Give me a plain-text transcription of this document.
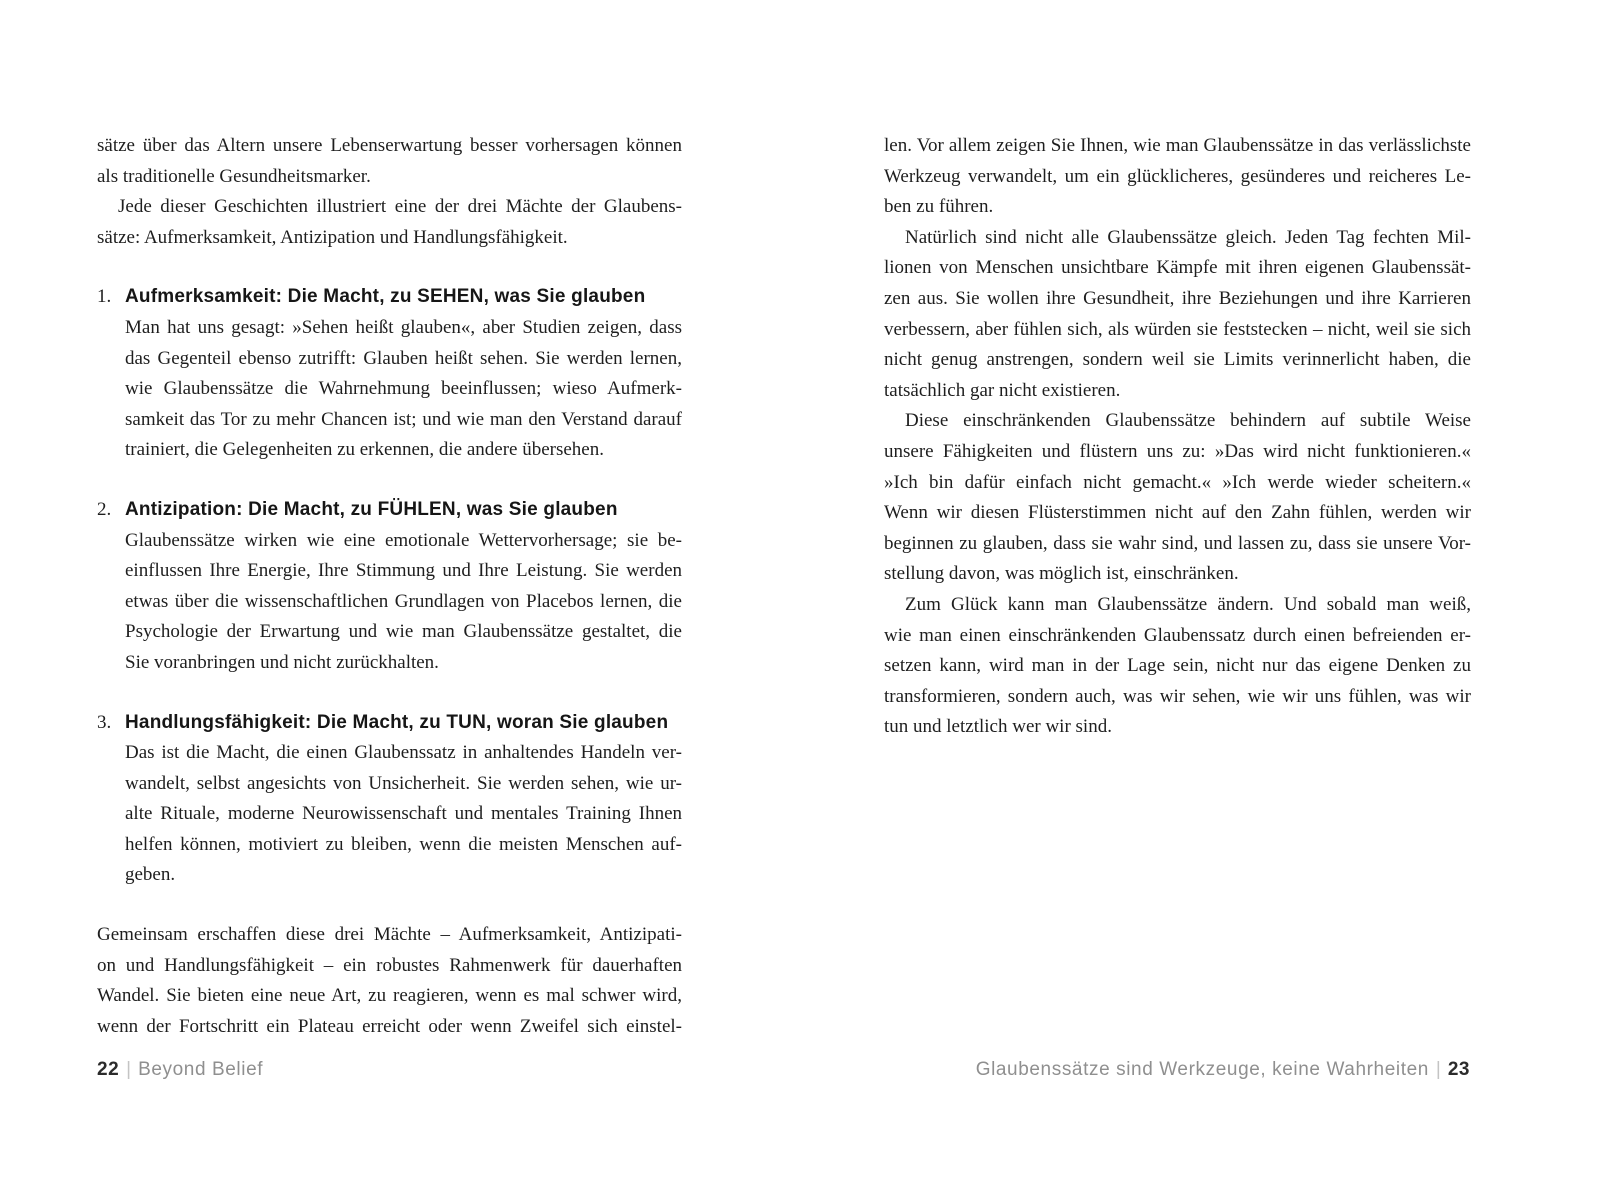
sätze über das Altern unsere Lebenserwartung besser vorhersagen können
als traditionelle Gesundheitsmarker.
Jede dieser Geschichten illustriert eine der drei Mächte der Glaubens-
sätze: Aufmerksamkeit, Antizipation und Handlungsfähigkeit.
1. Aufmerksamkeit: Die Macht, zu SEHEN, was Sie glauben
Man hat uns gesagt: »Sehen heißt glauben«, aber Studien zeigen, dass
das Gegenteil ebenso zutrifft: Glauben heißt sehen. Sie werden lernen,
wie Glaubenssätze die Wahrnehmung beeinflussen; wieso Aufmerk-
samkeit das Tor zu mehr Chancen ist; und wie man den Verstand darauf
trainiert, die Gelegenheiten zu erkennen, die andere übersehen.
2. Antizipation: Die Macht, zu FÜHLEN, was Sie glauben
Glaubenssätze wirken wie eine emotionale Wettervorhersage; sie be-
einflussen Ihre Energie, Ihre Stimmung und Ihre Leistung. Sie werden
etwas über die wissenschaftlichen Grundlagen von Placebos lernen, die
Psychologie der Erwartung und wie man Glaubenssätze gestaltet, die
Sie voranbringen und nicht zurückhalten.
3. Handlungsfähigkeit: Die Macht, zu TUN, woran Sie glauben
Das ist die Macht, die einen Glaubenssatz in anhaltendes Handeln ver-
wandelt, selbst angesichts von Unsicherheit. Sie werden sehen, wie ur-
alte Rituale, moderne Neurowissenschaft und mentales Training Ihnen
helfen können, motiviert zu bleiben, wenn die meisten Menschen auf-
geben.
Gemeinsam erschaffen diese drei Mächte – Aufmerksamkeit, Antizipati-
on und Handlungsfähigkeit – ein robustes Rahmenwerk für dauerhaften
Wandel. Sie bieten eine neue Art, zu reagieren, wenn es mal schwer wird,
wenn der Fortschritt ein Plateau erreicht oder wenn Zweifel sich einstel-
len. Vor allem zeigen Sie Ihnen, wie man Glaubenssätze in das verlässlichste
Werkzeug verwandelt, um ein glücklicheres, gesünderes und reicheres Le-
ben zu führen.
Natürlich sind nicht alle Glaubenssätze gleich. Jeden Tag fechten Mil-
lionen von Menschen unsichtbare Kämpfe mit ihren eigenen Glaubenssät-
zen aus. Sie wollen ihre Gesundheit, ihre Beziehungen und ihre Karrieren
verbessern, aber fühlen sich, als würden sie feststecken – nicht, weil sie sich
nicht genug anstrengen, sondern weil sie Limits verinnerlicht haben, die
tatsächlich gar nicht existieren.
Diese einschränkenden Glaubenssätze behindern auf subtile Weise
unsere Fähigkeiten und flüstern uns zu: »Das wird nicht funktionieren.«
»Ich bin dafür einfach nicht gemacht.« »Ich werde wieder scheitern.«
Wenn wir diesen Flüsterstimmen nicht auf den Zahn fühlen, werden wir
beginnen zu glauben, dass sie wahr sind, und lassen zu, dass sie unsere Vor-
stellung davon, was möglich ist, einschränken.
Zum Glück kann man Glaubenssätze ändern. Und sobald man weiß,
wie man einen einschränkenden Glaubenssatz durch einen befreienden er-
setzen kann, wird man in der Lage sein, nicht nur das eigene Denken zu
transformieren, sondern auch, was wir sehen, wie wir uns fühlen, was wir
tun und letztlich wer wir sind.
22 | Beyond Belief	Glaubenssätze sind Werkzeuge, keine Wahrheiten | 23
